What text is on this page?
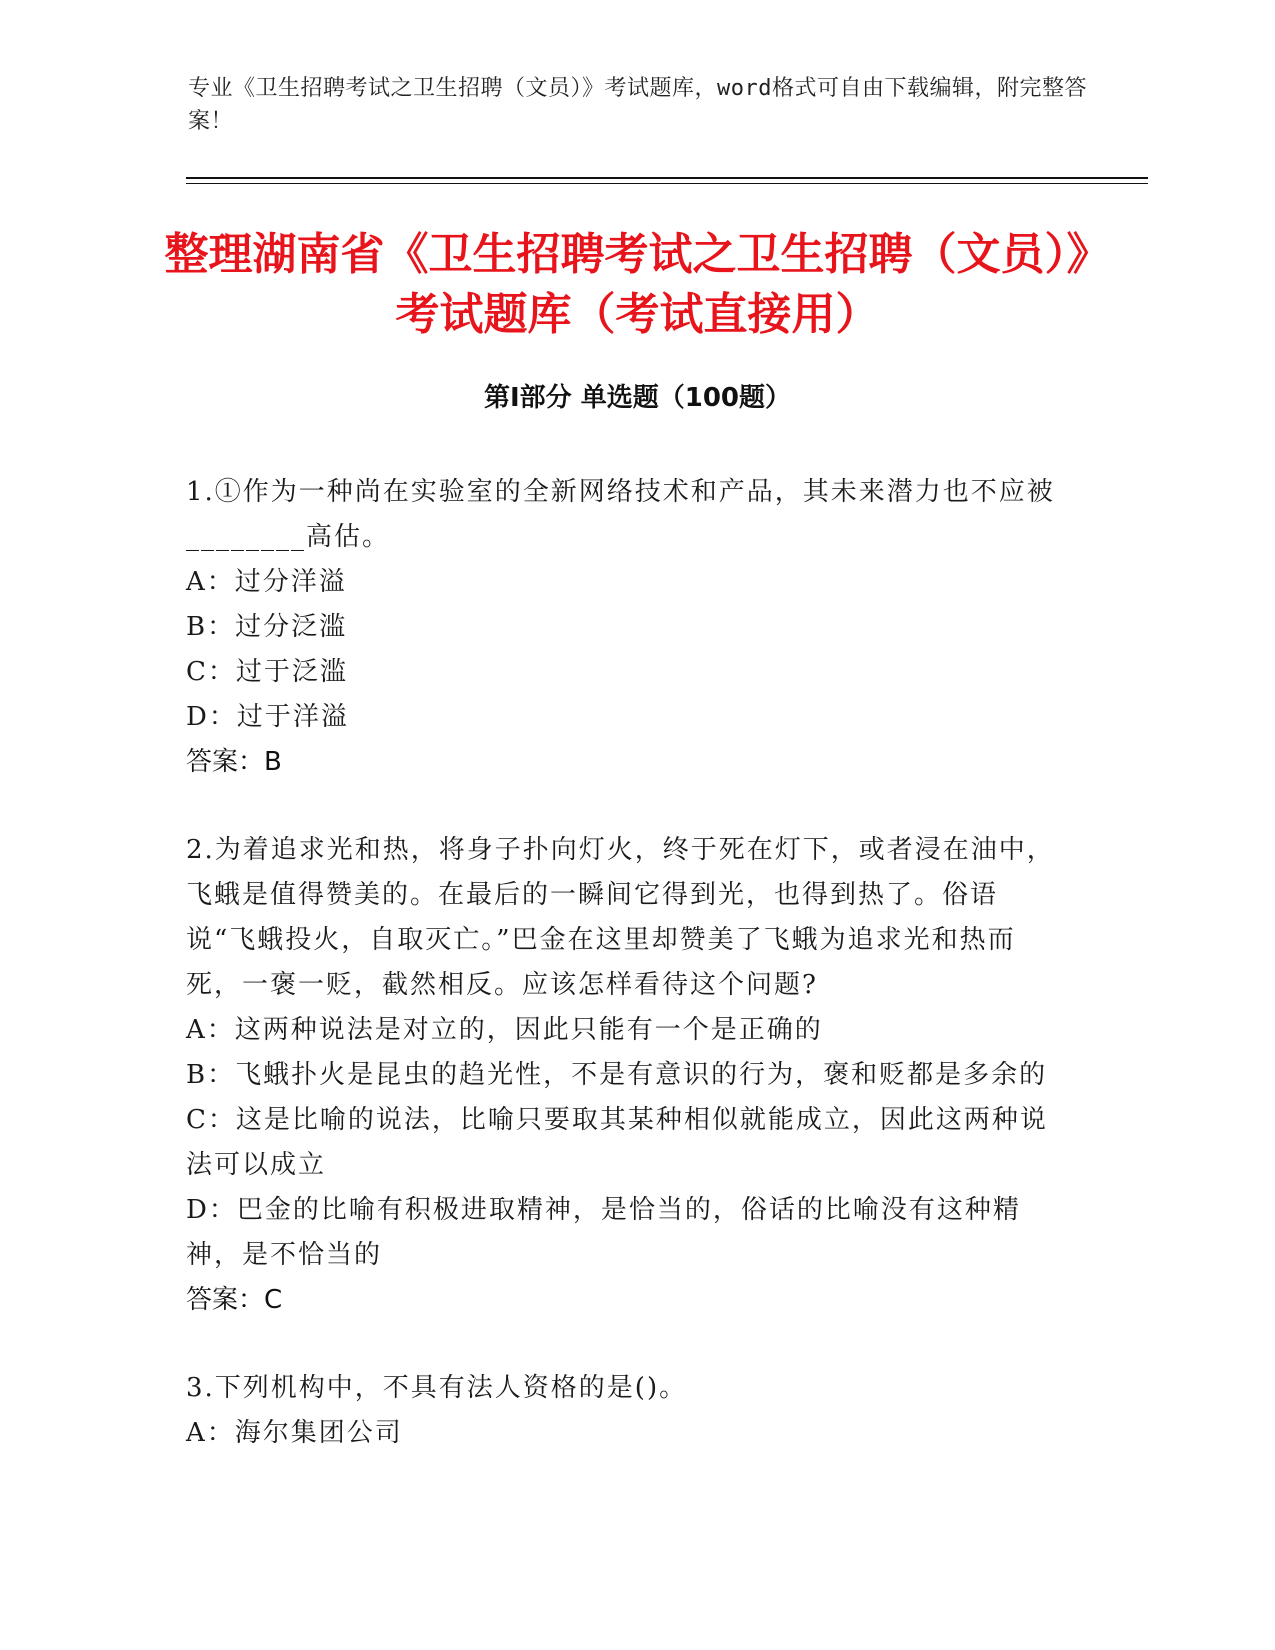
专业《卫生招聘考试之卫生招聘（文员）》考试题库，word格式可自由下载编辑，附完整答案！
整理湖南省《卫生招聘考试之卫生招聘（文员）》考试题库（考试直接用）
第Ⅰ部分 单选题（100题）
1.①作为一种尚在实验室的全新网络技术和产品，其未来潜力也不应被________高估。
A：过分洋溢
B：过分泛滥
C：过于泛滥
D：过于洋溢
答案：B
2.为着追求光和热，将身子扑向灯火，终于死在灯下，或者浸在油中，飞蛾是值得赞美的。在最后的一瞬间它得到光，也得到热了。俗语说“飞蛾投火，自取灭亡。”巴金在这里却赞美了飞蛾为追求光和热而死，一褒一贬，截然相反。应该怎样看待这个问题?
A：这两种说法是对立的，因此只能有一个是正确的
B：飞蛾扑火是昆虫的趋光性，不是有意识的行为，褒和贬都是多余的
C：这是比喻的说法，比喻只要取其某种相似就能成立，因此这两种说法可以成立
D：巴金的比喻有积极进取精神，是恰当的，俗话的比喻没有这种精神，是不恰当的
答案：C
3.下列机构中，不具有法人资格的是()。
A：海尔集团公司
